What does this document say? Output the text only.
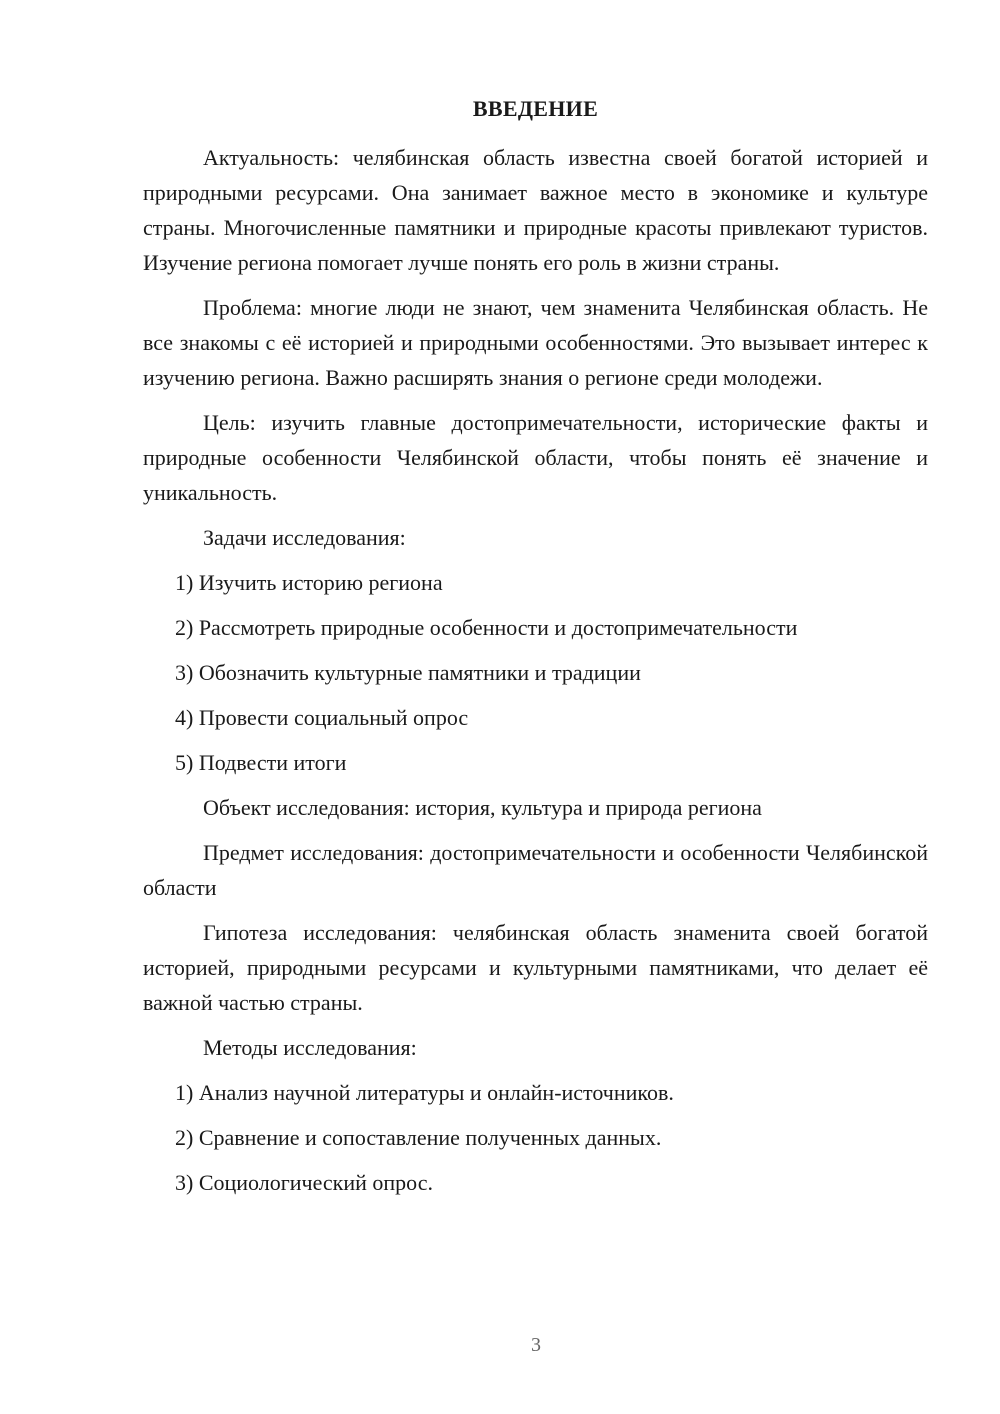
ВВЕДЕНИЕ

Актуальность: челябинская область известна своей богатой историей и природными ресурсами. Она занимает важное место в экономике и культуре страны. Многочисленные памятники и природные красоты привлекают туристов. Изучение региона помогает лучше понять его роль в жизни страны.

Проблема: многие люди не знают, чем знаменита Челябинская область. Не все знакомы с её историей и природными особенностями. Это вызывает интерес к изучению региона. Важно расширять знания о регионе среди молодежи.

Цель: изучить главные достопримечательности, исторические факты и природные особенности Челябинской области, чтобы понять её значение и уникальность.

Задачи исследования:

1) Изучить историю региона
2) Рассмотреть природные особенности и достопримечательности
3) Обозначить культурные памятники и традиции
4) Провести социальный опрос
5) Подвести итоги

Объект исследования: история, культура и природа региона

Предмет исследования: достопримечательности и особенности Челябинской области

Гипотеза исследования: челябинская область знаменита своей богатой историей, природными ресурсами и культурными памятниками, что делает её важной частью страны.

Методы исследования:

1) Анализ научной литературы и онлайн-источников.
2) Сравнение и сопоставление полученных данных.
3) Социологический опрос.
3
